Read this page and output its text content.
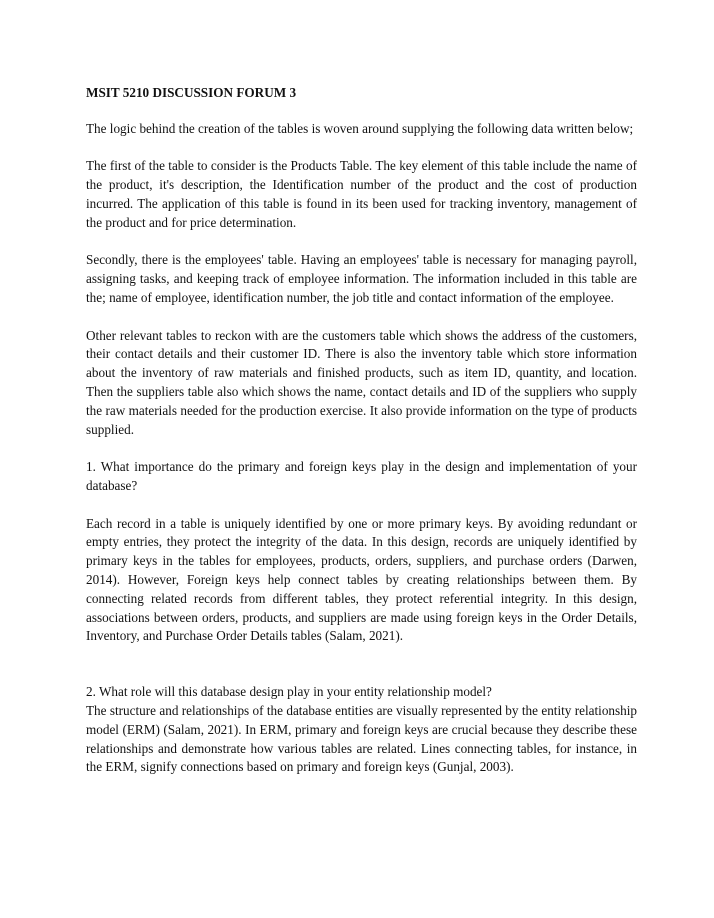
MSIT 5210 DISCUSSION FORUM 3

The logic behind the creation of the tables is woven around supplying the following data written below;

The first of the table to consider is the Products Table. The key element of this table include the name of the product, it's description, the Identification number of the product and the cost of production incurred. The application of this table is found in its been used for tracking inventory, management of the product and for price determination.

Secondly, there is the employees' table. Having an employees' table is necessary for managing payroll, assigning tasks, and keeping track of employee information. The information included in this table are the; name of employee, identification number, the job title and contact information of the employee.

Other relevant tables to reckon with are the customers table which shows the address of the customers, their contact details and their customer ID. There is also the inventory table which store information about the inventory of raw materials and finished products, such as item ID, quantity, and location. Then the suppliers table also which shows the name, contact details and ID of the suppliers who supply the raw materials needed for the production exercise. It also provide information on the type of products supplied.

1. What importance do the primary and foreign keys play in the design and implementation of your database?

Each record in a table is uniquely identified by one or more primary keys. By avoiding redundant or empty entries, they protect the integrity of the data. In this design, records are uniquely identified by primary keys in the tables for employees, products, orders, suppliers, and purchase orders (Darwen, 2014). However, Foreign keys help connect tables by creating relationships between them. By connecting related records from different tables, they protect referential integrity. In this design, associations between orders, products, and suppliers are made using foreign keys in the Order Details, Inventory, and Purchase Order Details tables (Salam, 2021).

2. What role will this database design play in your entity relationship model?

The structure and relationships of the database entities are visually represented by the entity relationship model (ERM) (Salam, 2021). In ERM, primary and foreign keys are crucial because they describe these relationships and demonstrate how various tables are related. Lines connecting tables, for instance, in the ERM, signify connections based on primary and foreign keys (Gunjal, 2003).
